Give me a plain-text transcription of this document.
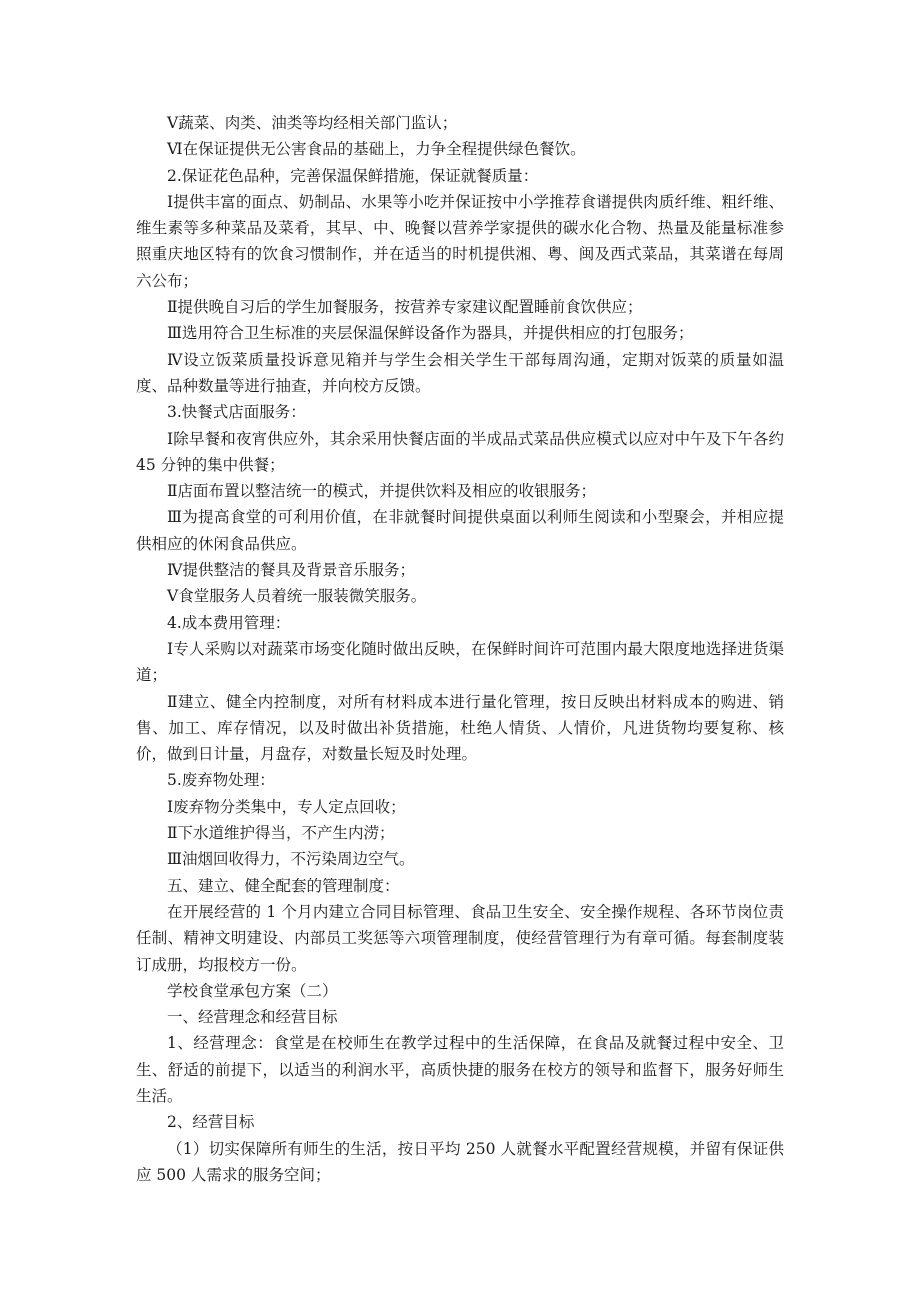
Ⅴ蔬菜、肉类、油类等均经相关部门监认；

Ⅵ在保证提供无公害食品的基础上，力争全程提供绿色餐饮。

2.保证花色品种，完善保温保鲜措施，保证就餐质量：

Ⅰ提供丰富的面点、奶制品、水果等小吃并保证按中小学推荐食谱提供肉质纤维、粗纤维、维生素等多种菜品及菜肴，其早、中、晚餐以营养学家提供的碳水化合物、热量及能量标准参照重庆地区特有的饮食习惯制作，并在适当的时机提供湘、粤、闽及西式菜品，其菜谱在每周六公布；

Ⅱ提供晚自习后的学生加餐服务，按营养专家建议配置睡前食饮供应；

Ⅲ选用符合卫生标准的夹层保温保鲜设备作为器具，并提供相应的打包服务；

Ⅳ设立饭菜质量投诉意见箱并与学生会相关学生干部每周沟通，定期对饭菜的质量如温度、品种数量等进行抽查，并向校方反馈。

3.快餐式店面服务：

Ⅰ除早餐和夜宵供应外，其余采用快餐店面的半成品式菜品供应模式以应对中午及下午各约 45 分钟的集中供餐；

Ⅱ店面布置以整洁统一的模式，并提供饮料及相应的收银服务；

Ⅲ为提高食堂的可利用价值，在非就餐时间提供桌面以利师生阅读和小型聚会，并相应提供相应的休闲食品供应。

Ⅳ提供整洁的餐具及背景音乐服务；

Ⅴ食堂服务人员着统一服装微笑服务。

4.成本费用管理：

Ⅰ专人采购以对蔬菜市场变化随时做出反映，在保鲜时间许可范围内最大限度地选择进货渠道；

Ⅱ建立、健全内控制度，对所有材料成本进行量化管理，按日反映出材料成本的购进、销售、加工、库存情况，以及时做出补货措施，杜绝人情货、人情价，凡进货物均要复称、核价，做到日计量，月盘存，对数量长短及时处理。

5.废弃物处理：

Ⅰ废弃物分类集中，专人定点回收；

Ⅱ下水道维护得当，不产生内涝；

Ⅲ油烟回收得力，不污染周边空气。

五、建立、健全配套的管理制度：

在开展经营的 1 个月内建立合同目标管理、食品卫生安全、安全操作规程、各环节岗位责任制、精神文明建设、内部员工奖惩等六项管理制度，使经营管理行为有章可循。每套制度装订成册，均报校方一份。

学校食堂承包方案（二）

一、经营理念和经营目标

1、经营理念：食堂是在校师生在教学过程中的生活保障，在食品及就餐过程中安全、卫生、舒适的前提下，以适当的利润水平，高质快捷的服务在校方的领导和监督下，服务好师生生活。

2、经营目标

（1）切实保障所有师生的生活，按日平均 250 人就餐水平配置经营规模，并留有保证供应 500 人需求的服务空间；
